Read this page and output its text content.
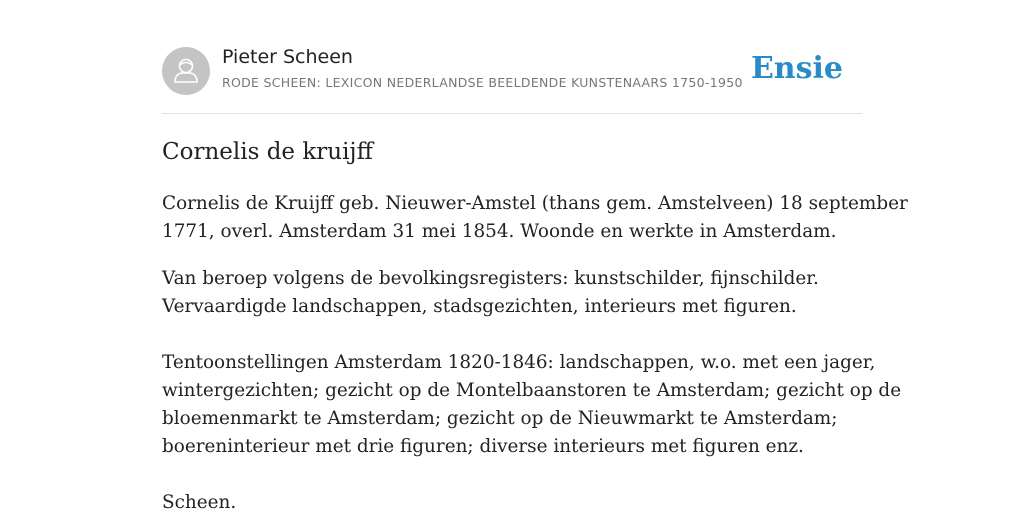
Pieter Scheen
RODE SCHEEN: LEXICON NEDERLANDSE BEELDENDE KUNSTENAARS 1750-1950 Ensie
Cornelis de kruijff

Cornelis de Kruijff geb. Nieuwer-Amstel (thans gem. Amstelveen) 18 september
1771, overl. Amsterdam 31 mei 1854. Woonde en werkte in Amsterdam.

Van beroep volgens de bevolkingsregisters: kunstschilder, fijnschilder.
Vervaardigde landschappen, stadsgezichten, interieurs met figuren.
Tentoonstellingen Amsterdam 1820-1846: landschappen, w.o. met een jager,
wintergezichten; gezicht op de Montelbaanstoren te Amsterdam; gezicht op de
bloemenmarkt te Amsterdam; gezicht op de Nieuwmarkt te Amsterdam;
boereninterieur met drie figuren; diverse interieurs met figuren enz.
Scheen.
